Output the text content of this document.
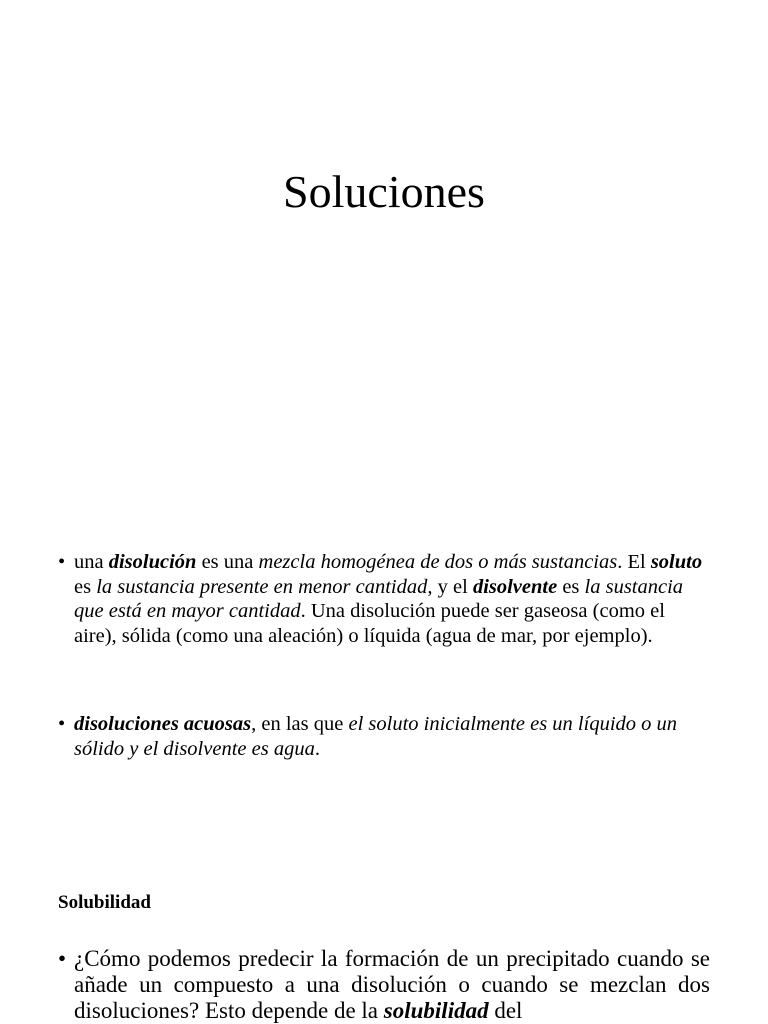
Soluciones
• una disolución es una mezcla homogénea de dos o más sustancias. El soluto es la sustancia presente en menor cantidad, y el disolvente es la sustancia que está en mayor cantidad. Una disolución puede ser gaseosa (como el aire), sólida (como una aleación) o líquida (agua de mar, por ejemplo).
• disoluciones acuosas, en las que el soluto inicialmente es un líquido o un sólido y el disolvente es agua.
Solubilidad
• ¿Cómo podemos predecir la formación de un precipitado cuando se añade un compuesto a una disolución o cuando se mezclan dos disoluciones? Esto depende de la solubilidad del
